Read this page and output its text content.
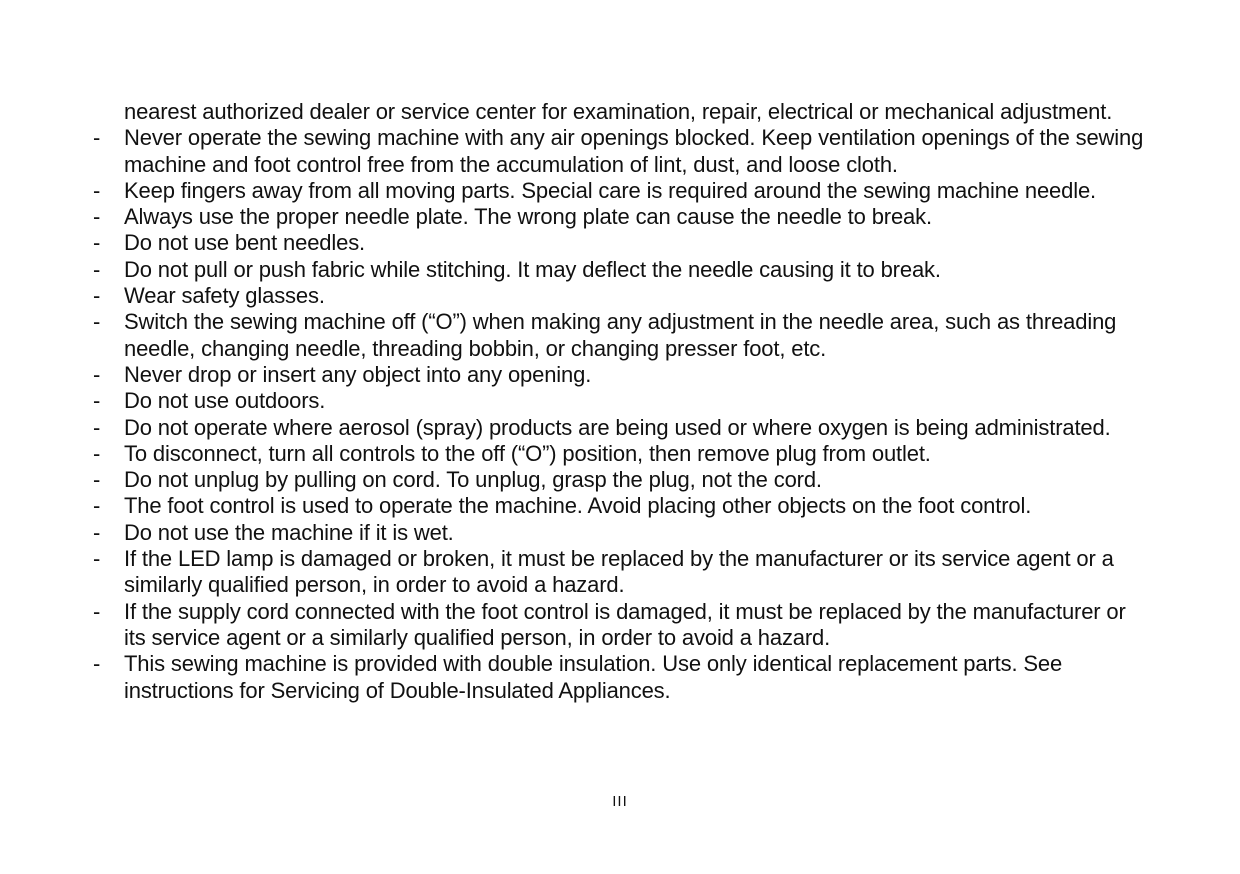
nearest authorized dealer or service center for examination, repair, electrical or mechanical adjustment.
- Never operate the sewing machine with any air openings blocked. Keep ventilation openings of the sewing machine and foot control free from the accumulation of lint, dust, and loose cloth.
- Keep fingers away from all moving parts. Special care is required around the sewing machine needle.
- Always use the proper needle plate. The wrong plate can cause the needle to break.
- Do not use bent needles.
- Do not pull or push fabric while stitching. It may deflect the needle causing it to break.
- Wear safety glasses.
- Switch the sewing machine off (“O”) when making any adjustment in the needle area, such as threading needle, changing needle, threading bobbin, or changing presser foot, etc.
- Never drop or insert any object into any opening.
- Do not use outdoors.
- Do not operate where aerosol (spray) products are being used or where oxygen is being administrated.
- To disconnect, turn all controls to the off (“O”) position, then remove plug from outlet.
- Do not unplug by pulling on cord. To unplug, grasp the plug, not the cord.
- The foot control is used to operate the machine. Avoid placing other objects on the foot control.
- Do not use the machine if it is wet.
- If the LED lamp is damaged or broken, it must be replaced by the manufacturer or its service agent or a similarly qualified person, in order to avoid a hazard.
- If the supply cord connected with the foot control is damaged, it must be replaced by the manufacturer or its service agent or a similarly qualified person, in order to avoid a hazard.
- This sewing machine is provided with double insulation. Use only identical replacement parts. See instructions for Servicing of Double-Insulated Appliances.
III
